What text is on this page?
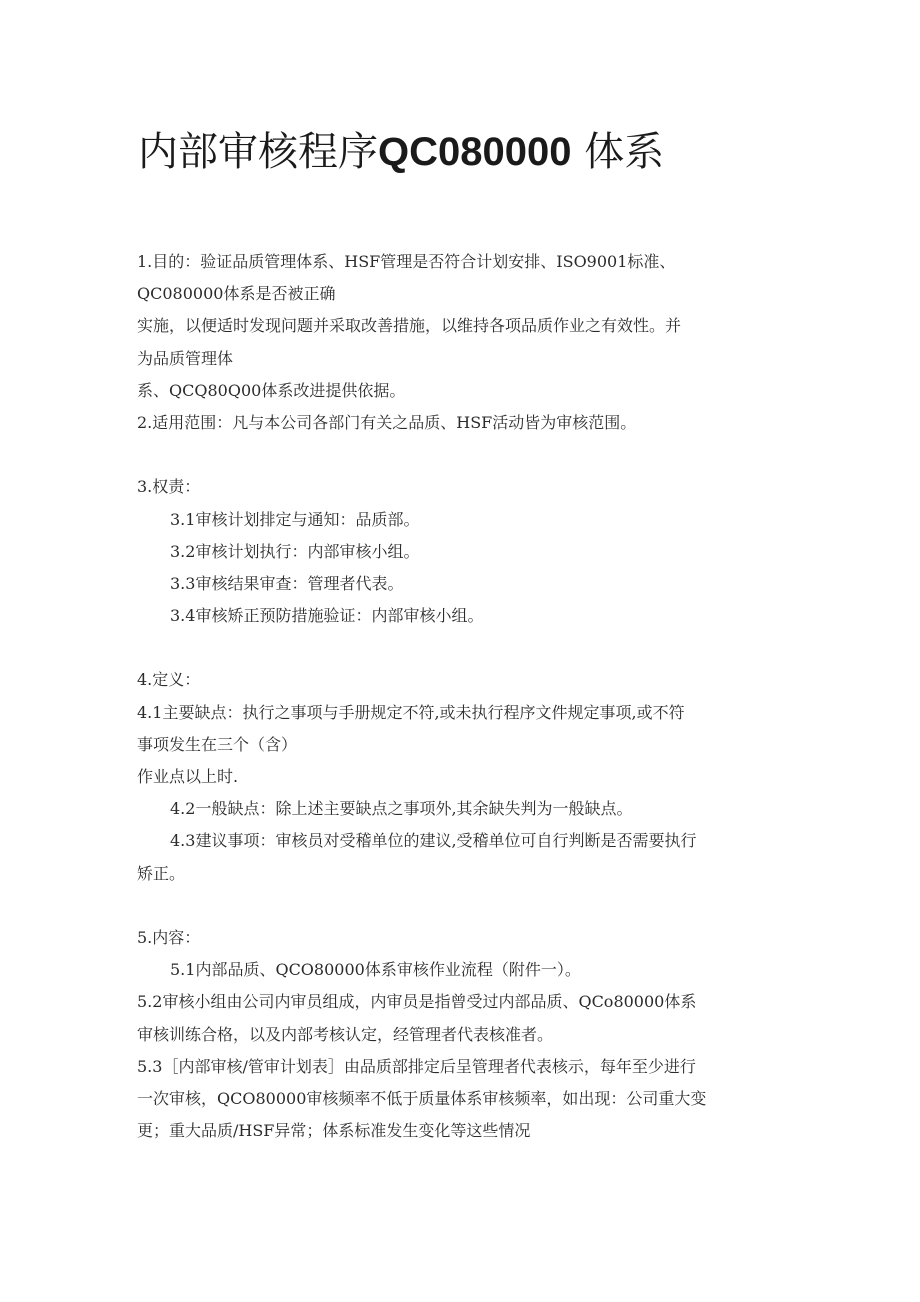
内部审核程序QC080000 体系
1.目的：验证品质管理体系、HSF管理是否符合计划安排、ISO9001标准、
QC080000体系是否被正确
实施，以便适时发现问题并采取改善措施，以维持各项品质作业之有效性。并
为品质管理体
系、QCQ80Q00体系改进提供依据。
2.适用范围：凡与本公司各部门有关之品质、HSF活动皆为审核范围。
3.权责：
3.1审核计划排定与通知：品质部。
3.2审核计划执行：内部审核小组。
3.3审核结果审查：管理者代表。
3.4审核矫正预防措施验证：内部审核小组。
4.定义：
4.1主要缺点：执行之事项与手册规定不符,或未执行程序文件规定事项,或不符
事项发生在三个（含）
作业点以上时.
4.2一般缺点：除上述主要缺点之事项外,其余缺失判为一般缺点。
4.3建议事项：审核员对受稽单位的建议,受稽单位可自行判断是否需要执行
矫正。
5.内容：
5.1内部品质、QCO80000体系审核作业流程（附件一）。
5.2审核小组由公司内审员组成，内审员是指曾受过内部品质、QCo80000体系
审核训练合格，以及内部考核认定，经管理者代表核准者。
5.3［内部审核/管审计划表］由品质部排定后呈管理者代表核示，每年至少进行
一次审核，QCO80000审核频率不低于质量体系审核频率，如出现：公司重大变
更；重大品质/HSF异常；体系标准发生变化等这些情况
